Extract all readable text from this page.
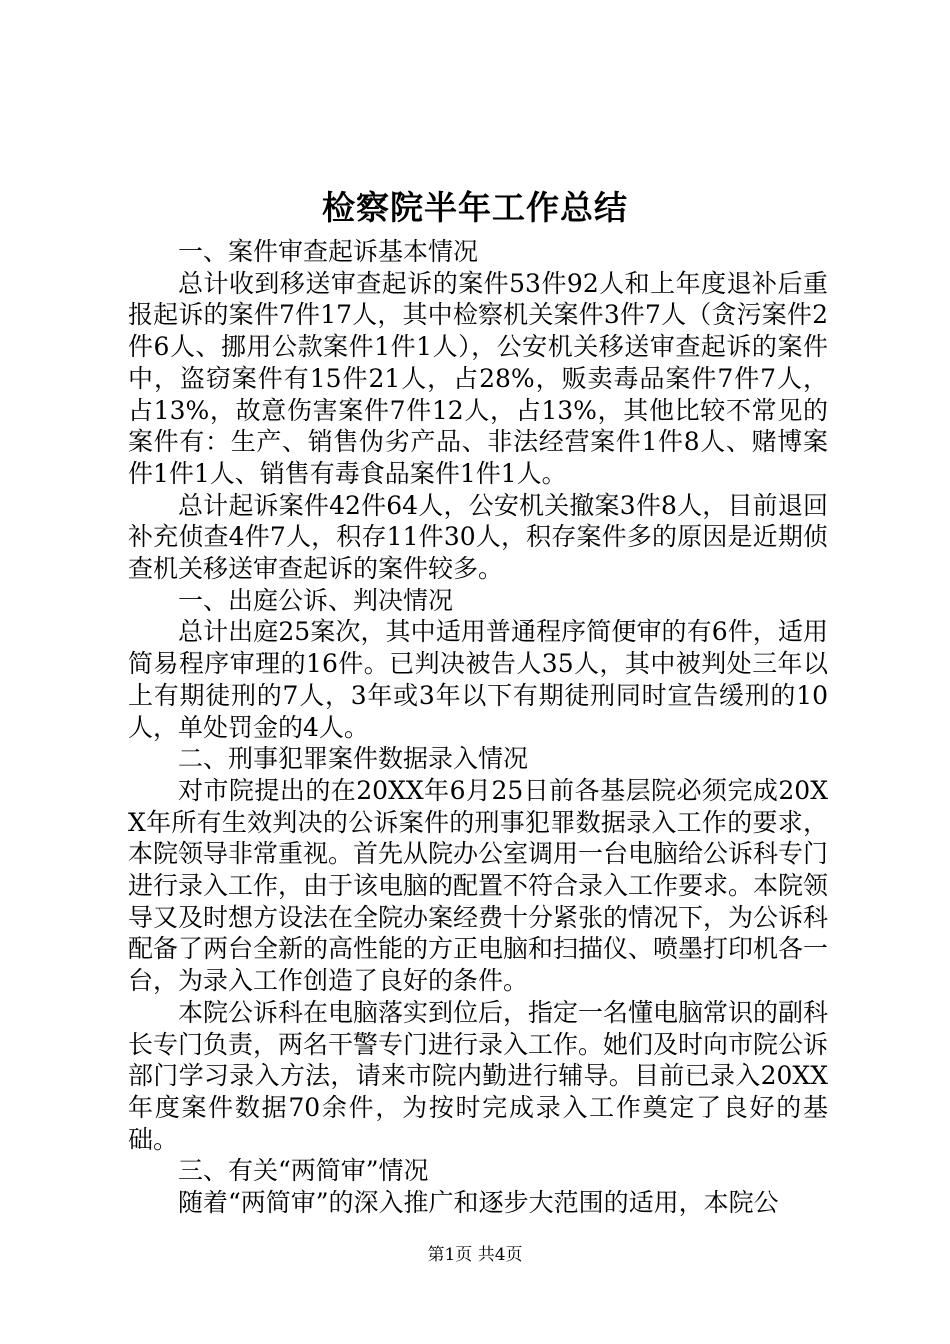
检察院半年工作总结

一、案件审查起诉基本情况

总计收到移送审查起诉的案件53件92人和上年度退补后重报起诉的案件7件17人，其中检察机关案件3件7人（贪污案件2件6人、挪用公款案件1件1人），公安机关移送审查起诉的案件中，盗窃案件有15件21人，占28%，贩卖毒品案件7件7人，占13%，故意伤害案件7件12人，占13%，其他比较不常见的案件有：生产、销售伪劣产品、非法经营案件1件8人、赌博案件1件1人、销售有毒食品案件1件1人。

总计起诉案件42件64人，公安机关撤案3件8人，目前退回补充侦查4件7人，积存11件30人，积存案件多的原因是近期侦查机关移送审查起诉的案件较多。

一、出庭公诉、判决情况

总计出庭25案次，其中适用普通程序简便审的有6件，适用简易程序审理的16件。已判决被告人35人，其中被判处三年以上有期徒刑的7人，3年或3年以下有期徒刑同时宣告缓刑的10人，单处罚金的4人。

二、刑事犯罪案件数据录入情况

对市院提出的在20XX年6月25日前各基层院必须完成20XX年所有生效判决的公诉案件的刑事犯罪数据录入工作的要求，本院领导非常重视。首先从院办公室调用一台电脑给公诉科专门进行录入工作，由于该电脑的配置不符合录入工作要求。本院领导又及时想方设法在全院办案经费十分紧张的情况下，为公诉科配备了两台全新的高性能的方正电脑和扫描仪、喷墨打印机各一台，为录入工作创造了良好的条件。

本院公诉科在电脑落实到位后，指定一名懂电脑常识的副科长专门负责，两名干警专门进行录入工作。她们及时向市院公诉部门学习录入方法，请来市院内勤进行辅导。目前已录入20XX年度案件数据70余件，为按时完成录入工作奠定了良好的基础。

三、有关“两简审”情况

随着“两简审”的深入推广和逐步大范围的适用，本院公

第1页 共4页
